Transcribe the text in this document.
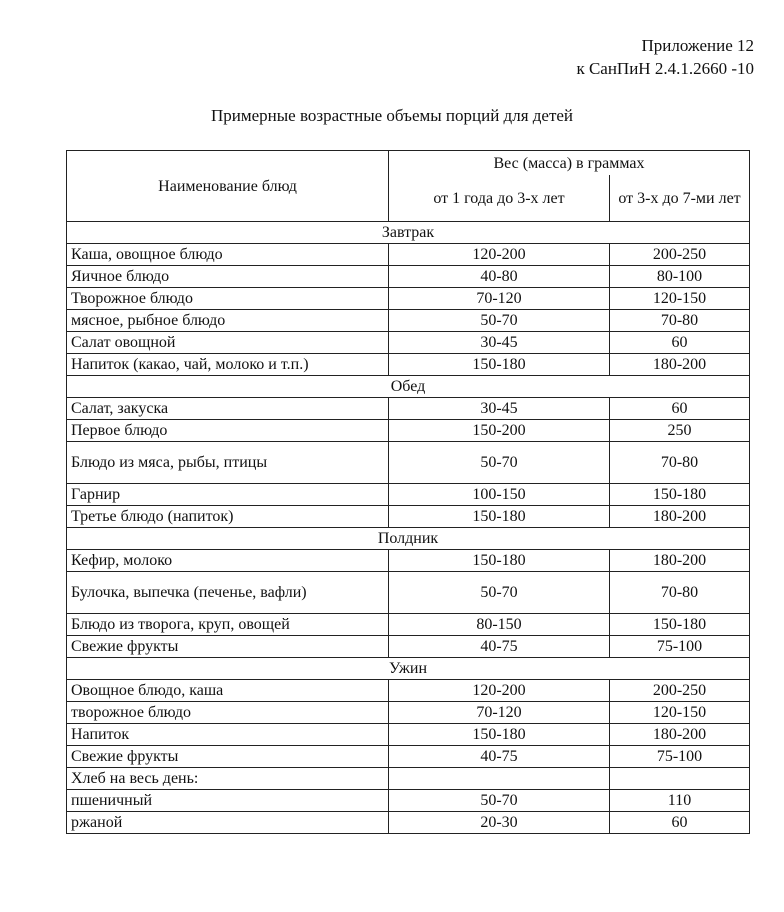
Приложение 12
к СанПиН 2.4.1.2660 -10
Примерные возрастные объемы порций для детей
Наименование блюд	Вес (масса) в граммах	
	от 1 года до 3-х лет	от 3-х до 7-ми лет
Завтрак		
Каша, овощное блюдо	120-200	200-250
Яичное блюдо	40-80	80-100
Творожное блюдо	70-120	120-150
мясное, рыбное блюдо	50-70	70-80
Салат овощной	30-45	60
Напиток (какао, чай, молоко и т.п.)	150-180	180-200
Обед		
Салат, закуска	30-45	60
Первое блюдо	150-200	250
Блюдо из мяса, рыбы, птицы	50-70	70-80
Гарнир	100-150	150-180
Третье блюдо (напиток)	150-180	180-200
Полдник		
Кефир, молоко	150-180	180-200
Булочка, выпечка (печенье, вафли)	50-70	70-80
Блюдо из творога, круп, овощей	80-150	150-180
Свежие фрукты	40-75	75-100
Ужин		
Овощное блюдо, каша	120-200	200-250
творожное блюдо	70-120	120-150
Напиток	150-180	180-200
Свежие фрукты	40-75	75-100
Хлеб на весь день:		
пшеничный	50-70	110
ржаной	20-30	60
